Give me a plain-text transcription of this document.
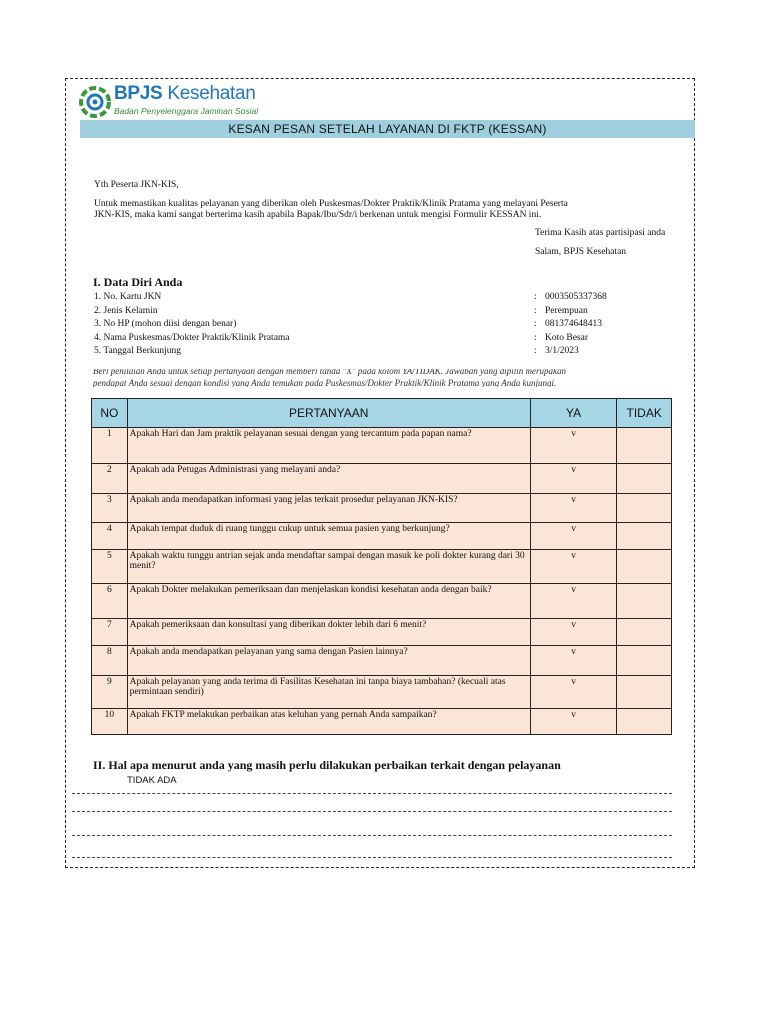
BPJS Kesehatan
Badan Penyelenggara Jaminan Sosial
KESAN PESAN SETELAH LAYANAN DI FKTP (KESSAN)
Yth Peserta JKN-KIS,
Untuk memastikan kualitas pelayanan yang diberikan oleh Puskesmas/Dokter Praktik/Klinik Pratama yang melayani Peserta
JKN-KIS, maka kami sangat berterima kasih apabila Bapak/Ibu/Sdr/i berkenan untuk mengisi Formulir KESSAN ini.
Terima Kasih atas partisipasi anda
Salam, BPJS Kesehatan
I. Data Diri Anda
1. No. Kartu JKN	: 0003505337368
2. Jenis Kelamin	: Perempuan
3. No HP (mohon diisi dengan benar)	: 081374648413
4. Nama Puskesmas/Dokter Praktik/Klinik Pratama	: Koto Besar
5. Tanggal Berkunjung	: 3/1/2023
Beri penilaian Anda untuk setiap pertanyaan dengan memberi tanda "X" pada kolom YA/TIDAK. Jawaban yang dipilih merupakan
pendapat Anda sesuai dengan kondisi yang Anda temukan pada Puskesmas/Dokter Praktik/Klinik Pratama yang Anda kunjungi.
NO	PERTANYAAN	YA	TIDAK
1	Apakah Hari dan Jam praktik pelayanan sesuai dengan yang tercantum pada papan nama?	v	
2	Apakah ada Petugas Administrasi yang melayani anda?	v	
3	Apakah anda mendapatkan informasi yang jelas terkait prosedur pelayanan JKN-KIS?	v	
4	Apakah tempat duduk di ruang tunggu cukup untuk semua pasien yang berkunjung?	v	
5	Apakah waktu tunggu antrian sejak anda mendaftar sampai dengan masuk ke poli dokter kurang dari 30 menit?	v	
6	Apakah Dokter melakukan pemeriksaan dan menjelaskan kondisi kesehatan anda dengan baik?	v	
7	Apakah pemeriksaan dan konsultasi yang diberikan dokter lebih dari 6 menit?	v	
8	Apakah anda mendapatkan pelayanan yang sama dengan Pasien lainnya?	v	
9	Apakah pelayanan yang anda terima di Fasilitas Kesehatan ini tanpa biaya tambahan? (kecuali atas permintaan sendiri)	v	
10	Apakah FKTP melakukan perbaikan atas keluhan yang pernah Anda sampaikan?	v	
II. Hal apa menurut anda yang masih perlu dilakukan perbaikan terkait dengan pelayanan
TIDAK ADA
